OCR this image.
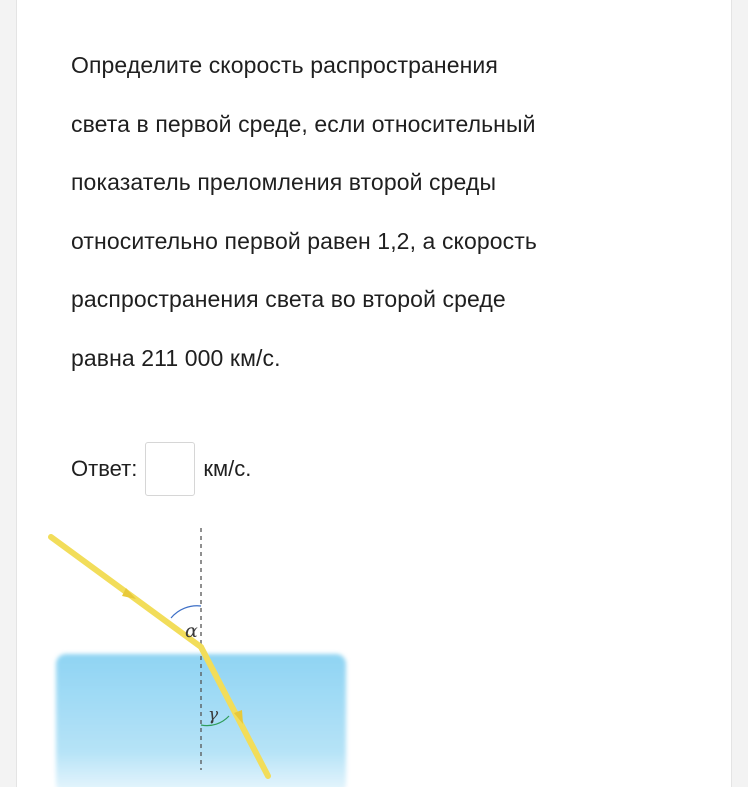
Определите скорость распространения
света в первой среде, если относительный
показатель преломления второй среды
относительно первой равен 1,2, а скорость
распространения света во второй среде
равна 211 000 км/с.
Ответ:	км/с.
α
γ
